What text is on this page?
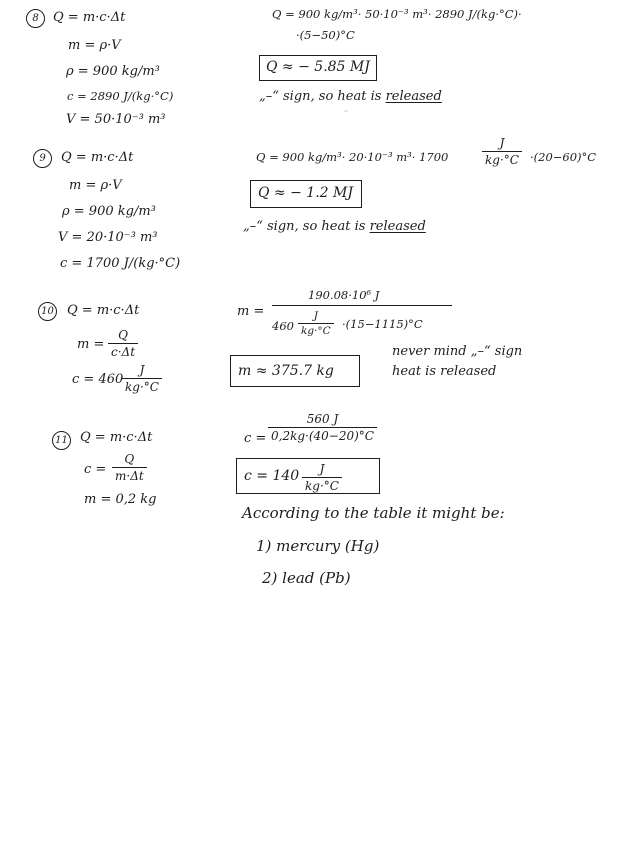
8	Q = m·c·Δt
m = ρ·V
ρ = 900 kg/m³
c = 2890 J/(kg·°C)
V = 50·10⁻³ m³
Q = 900 kg/m³· 50·10⁻³ m³· 2890 J/(kg·°C)·
·(5−50)°C
Q ≈ − 5.85 MJ
„–“ sign, so heat is released
^
9	Q = m·c·Δt
m = ρ·V
ρ = 900 kg/m³
V = 20·10⁻³ m³
c = 1700 J/(kg·°C)
Q = 900 kg/m³· 20·10⁻³ m³· 1700	$\frac{J}{kg\cdot^\circ C} \cdot(20-60)^\circ C$
Q ≈ − 1.2 MJ
„–“ sign, so heat is released
10 Q = m·c·Δt
$m = \frac{Q}{c\cdot\Delta t}$
c = 460
$\frac{J}{kg\cdot^\circ C}$
m =
190.08·10⁶ J
$460 \frac{J}{kg\cdot^\circ C} \cdot(15-1115)^\circ C$
m ≈ 375.7 kg
never mind „–“ sign
heat is released
11 Q = m·c·Δt
$c = \frac{Q}{m\cdot\Delta t}$
m = 0,2 kg
$c = \frac{560 J}{0,2kg\cdot(40-20)^\circ C}$
$c = 140 \frac{J}{kg\cdot^\circ C}$
According to the table it might be:
1) mercury (Hg)
2) lead (Pb)
